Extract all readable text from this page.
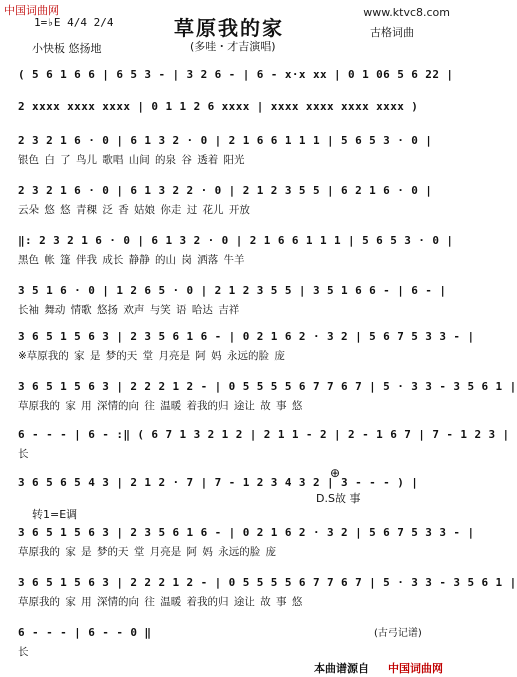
中国词曲网	www.ktvc8.com
草原我的家
(多哇・才吉演唱)
古格词曲
1=♭E 4/4 2/4
小快板 悠扬地
( 5 6 1 6 6 | 6 5 3 - | 3 2 6 - | 6 - x·x xx | 0 1 06 5 6 22 |
2 xxxx xxxx xxxx | 0 1 1 2 6 xxxx | xxxx xxxx xxxx xxxx )
2 3 2 1 6 · 0 | 6 1 3 2 · 0 | 2 1 6 6 1 1 1 | 5 6 5 3 · 0 |
银色 白 了 鸟儿 歌唱 山间 的泉 谷 透着 阳光
2 3 2 1 6 · 0 | 6 1 3 2 2 · 0 | 2 1 2 3 5 5 | 6 2 1 6 · 0 |
云朵 悠 悠 青稞 泛 香 姑娘 你走 过 花儿 开放
‖: 2 3 2 1 6 · 0 | 6 1 3 2 · 0 | 2 1 6 6 1 1 1 | 5 6 5 3 · 0 |
黑色 帐 篷 伴我 成长 静静 的山 岗 洒落 牛羊
3 5 1 6 · 0 | 1 2 6 5 · 0 | 2 1 2 3 5 5 | 3 5 1 6 6 - | 6 - |
长袖 舞动 情歌 悠扬 欢声 与笑 语 哈达 吉祥
3 6 5 1 5 6 3 | 2 3 5 6 1 6 - | 0 2 1 6 2 · 3 2 | 5 6 7 5 3 3 - |
※草原我的 家 是 梦的天 堂 月亮是 阿 妈 永远的脸 庞
3 6 5 1 5 6 3 | 2 2 2 1 2 - | 0 5 5 5 5 6 7 7 6 7 | 5 · 3 3 - 3 5 6 1 |
草原我的 家 用 深情的向 往 温暖 着我的归 途让 故 事 悠
6 - - - | 6 - :‖ ( 6 7 1 3 2 1 2 | 2 1 1 - 2 | 2 - 1 6 7 | 7 - 1 2 3 |
长
⊕
3 6 5 6 5 4 3 | 2 1 2 · 7 | 7 - 1 2 3 4 3 2 | 3 - - - ) |
D.S故 事
转1=E调
3 6 5 1 5 6 3 | 2 3 5 6 1 6 - | 0 2 1 6 2 · 3 2 | 5 6 7 5 3 3 - |
草原我的 家 是 梦的天 堂 月亮是 阿 妈 永远的脸 庞
3 6 5 1 5 6 3 | 2 2 2 1 2 - | 0 5 5 5 5 6 7 7 6 7 | 5 · 3 3 - 3 5 6 1 |
草原我的 家 用 深情的向 往 温暖 着我的归 途让 故 事 悠
6 - - - | 6 - - 0 ‖
长
(古弓记谱)
本曲谱源自 中国词曲网
